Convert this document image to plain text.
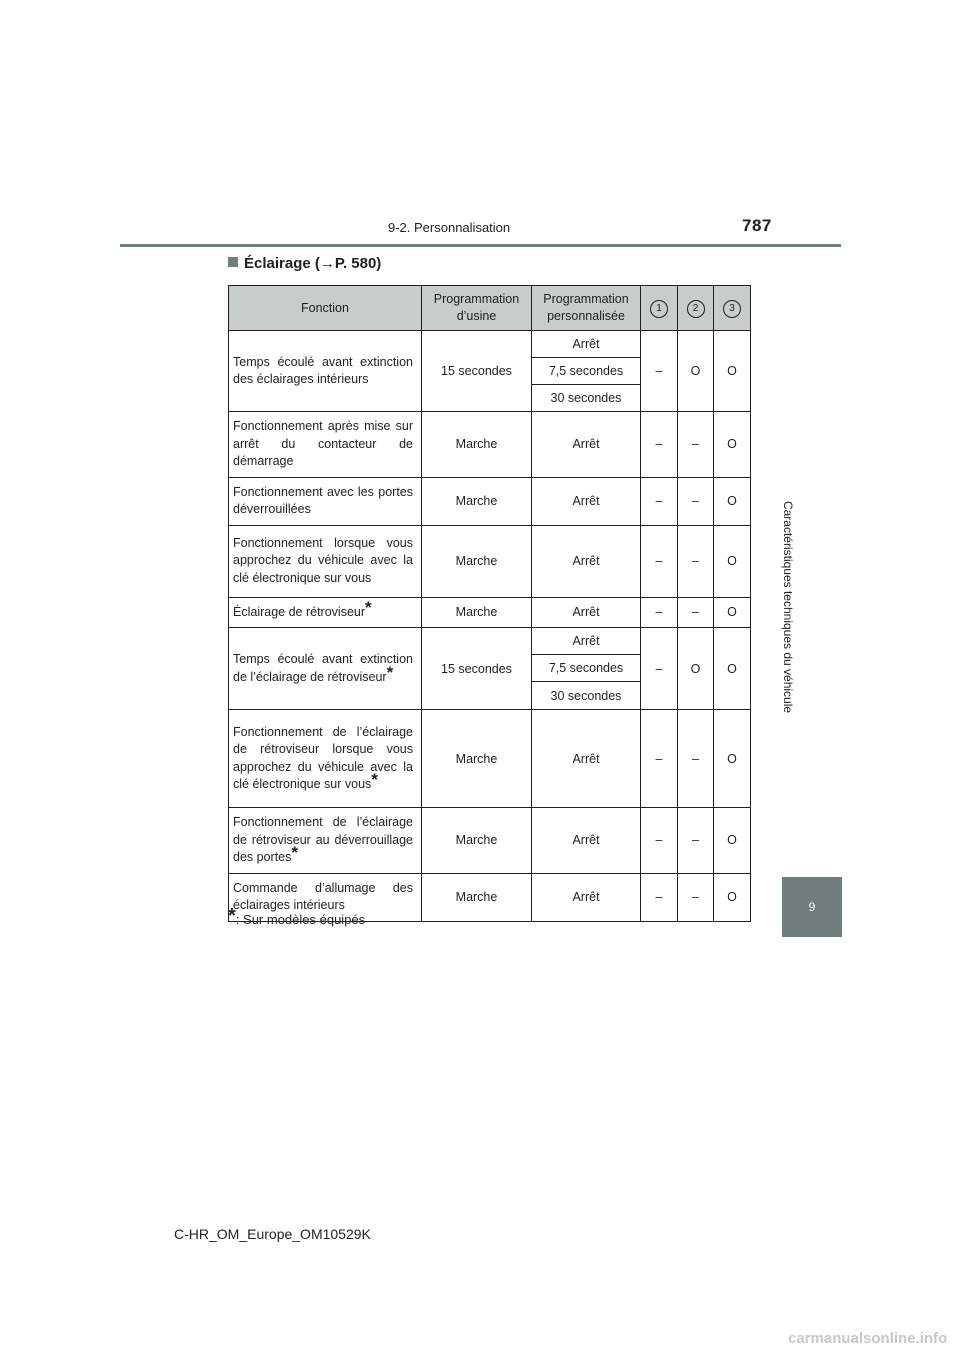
9-2. Personnalisation	787
Caractéristiques techniques du véhicule
9
Éclairage (→P. 580)
Fonction	Programmation d’usine	Programmation personnalisée	1	2	3
Temps écoulé avant extinction des éclairages intérieurs	15 secondes	Arrêt	–	O	O
		7,5 secondes			
		30 secondes			
Fonctionnement après mise sur arrêt du contacteur de démarrage	Marche	Arrêt	–	–	O
Fonctionnement avec les portes déverrouillées	Marche	Arrêt	–	–	O
Fonctionnement lorsque vous approchez du véhicule avec la clé électronique sur vous	Marche	Arrêt	–	–	O
Éclairage de rétroviseur*	Marche	Arrêt	–	–	O
Temps écoulé avant extinction de l’éclairage de rétroviseur*	15 secondes	Arrêt	–	O	O
		7,5 secondes			
		30 secondes			
Fonctionnement de l’éclairage de rétroviseur lorsque vous approchez du véhicule avec la clé électronique sur vous*	Marche	Arrêt	–	–	O
Fonctionnement de l’éclairage de rétroviseur au déverrouillage des portes*	Marche	Arrêt	–	–	O
Commande d’allumage des éclairages intérieurs	Marche	Arrêt	–	–	O
*: Sur modèles équipés
C-HR_OM_Europe_OM10529K
carmanualsonline.info
